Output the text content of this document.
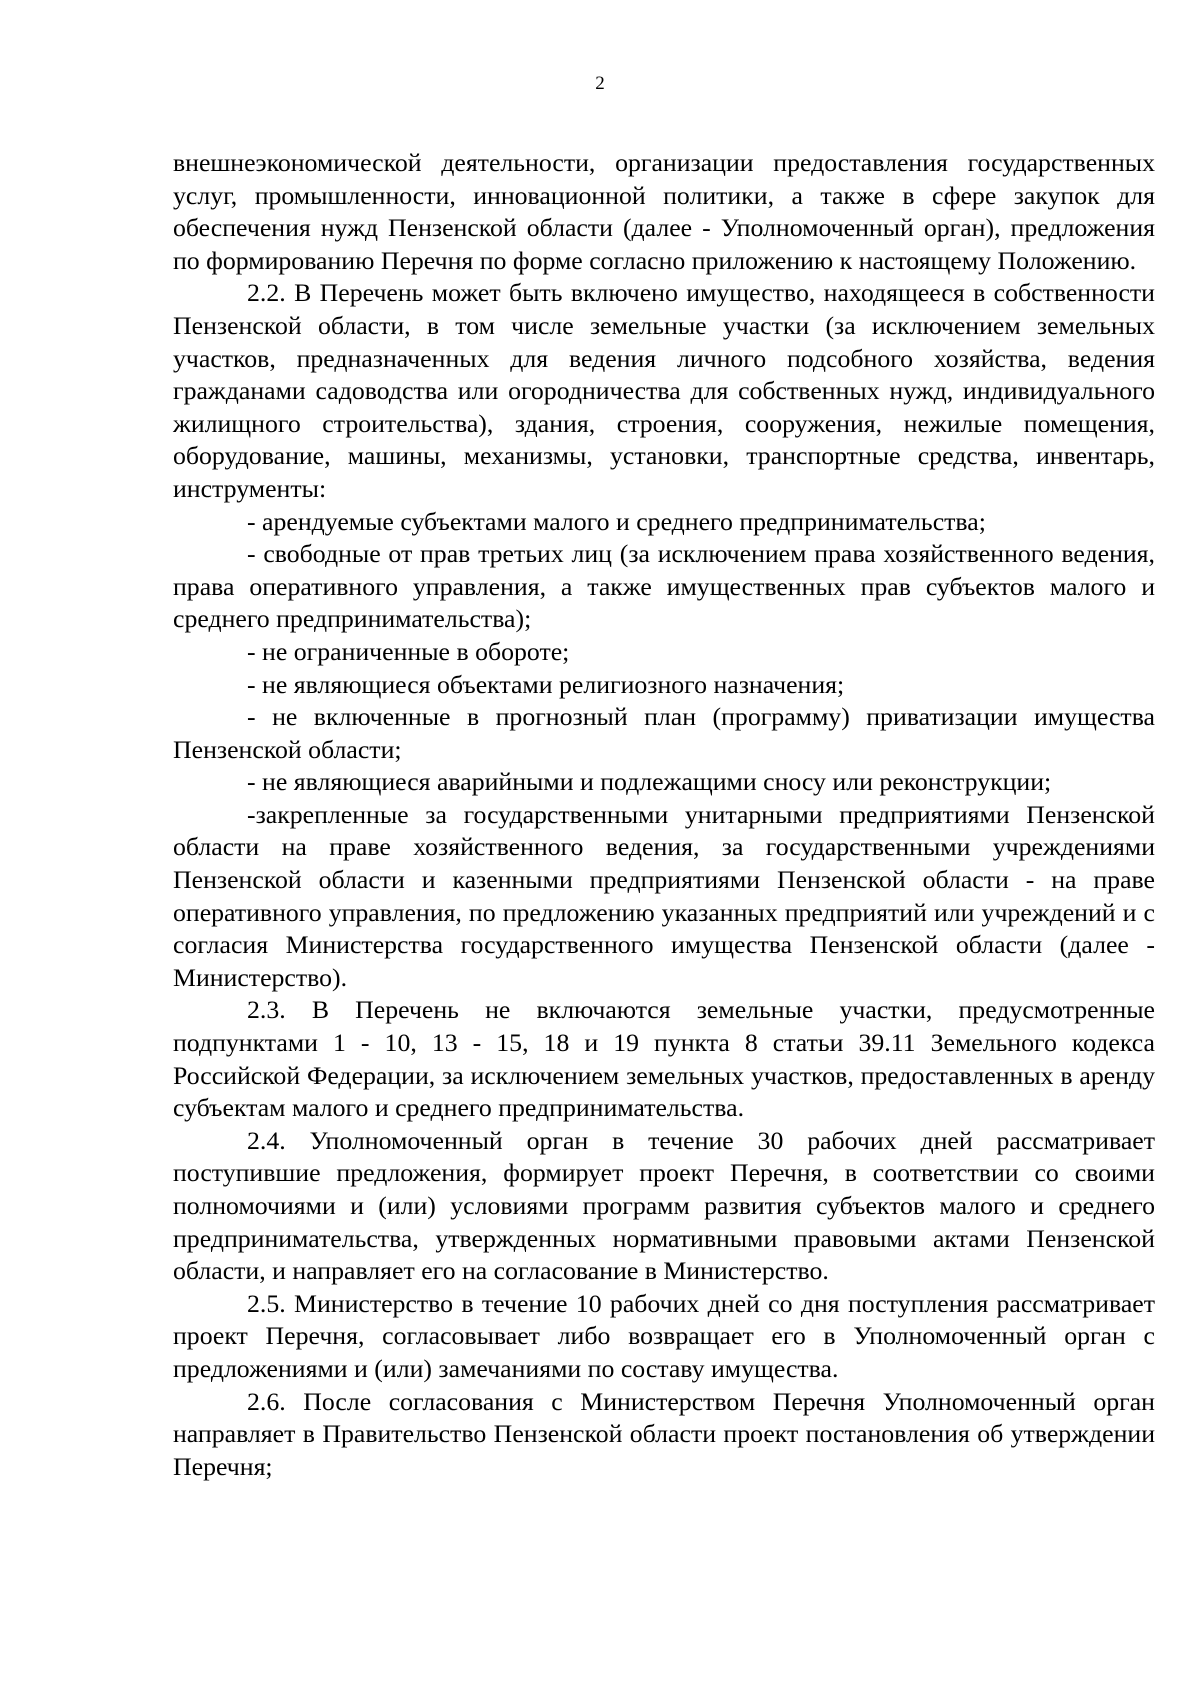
2

внешнеэкономической деятельности, организации предоставления государственных услуг, промышленности, инновационной политики, а также в сфере закупок для обеспечения нужд Пензенской области (далее - Уполномоченный орган), предложения по формированию Перечня по форме согласно приложению к настоящему Положению.

2.2. В Перечень может быть включено имущество, находящееся в собственности Пензенской области, в том числе земельные участки (за исключением земельных участков, предназначенных для ведения личного подсобного хозяйства, ведения гражданами садоводства или огородничества для собственных нужд, индивидуального жилищного строительства), здания, строения, сооружения, нежилые помещения, оборудование, машины, механизмы, установки, транспортные средства, инвентарь, инструменты:

- арендуемые субъектами малого и среднего предпринимательства;

- свободные от прав третьих лиц (за исключением права хозяйственного ведения, права оперативного управления, а также имущественных прав субъектов малого и среднего предпринимательства);

- не ограниченные в обороте;

- не являющиеся объектами религиозного назначения;

- не включенные в прогнозный план (программу) приватизации имущества Пензенской области;

- не являющиеся аварийными и подлежащими сносу или реконструкции;

-закрепленные за государственными унитарными предприятиями Пензенской области на праве хозяйственного ведения, за государственными учреждениями Пензенской области и казенными предприятиями Пензенской области - на праве оперативного управления, по предложению указанных предприятий или учреждений и с согласия Министерства государственного имущества Пензенской области (далее - Министерство).

2.3. В Перечень не включаются земельные участки, предусмотренные подпунктами 1 - 10, 13 - 15, 18 и 19 пункта 8 статьи 39.11 Земельного кодекса Российской Федерации, за исключением земельных участков, предоставленных в аренду субъектам малого и среднего предпринимательства.

2.4. Уполномоченный орган в течение 30 рабочих дней рассматривает поступившие предложения, формирует проект Перечня, в соответствии со своими полномочиями и (или) условиями программ развития субъектов малого и среднего предпринимательства, утвержденных нормативными правовыми актами Пензенской области, и направляет его на согласование в Министерство.

2.5. Министерство в течение 10 рабочих дней со дня поступления рассматривает проект Перечня, согласовывает либо возвращает его в Уполномоченный орган с предложениями и (или) замечаниями по составу имущества.

2.6. После согласования с Министерством Перечня Уполномоченный орган направляет в Правительство Пензенской области проект постановления об утверждении Перечня;
